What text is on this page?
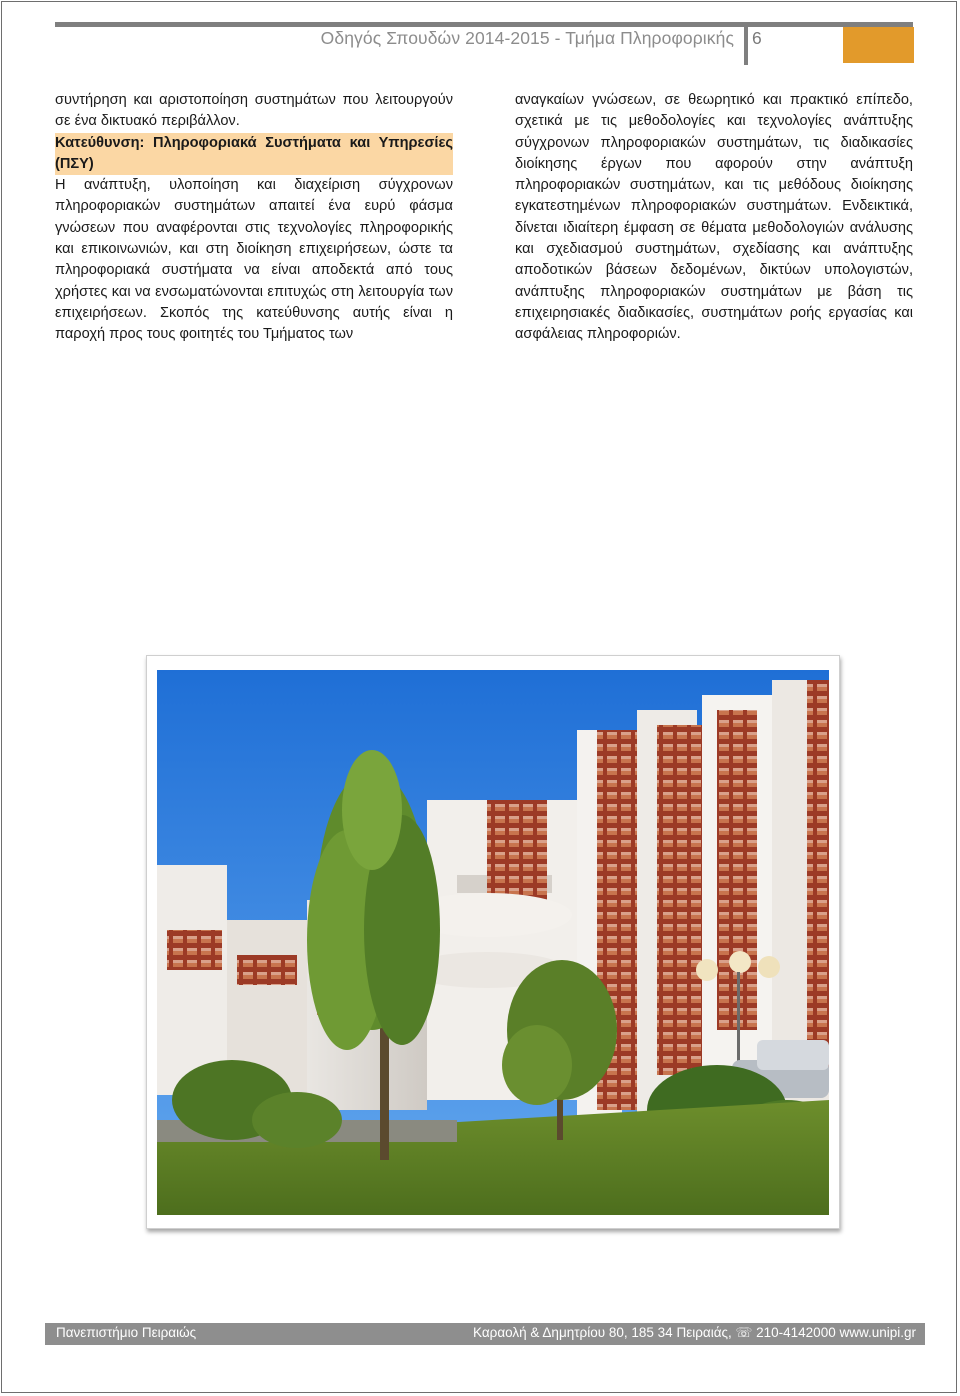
Οδηγός Σπουδών 2014-2015 - Τμήμα Πληροφορικής 6

συντήρηση και αριστοποίηση συστημάτων που λειτουργούν σε ένα δικτυακό περιβάλλον.

Κατεύθυνση: Πληροφοριακά Συστήματα και Υπηρεσίες (ΠΣΥ)

Η ανάπτυξη, υλοποίηση και διαχείριση σύγχρονων πληροφοριακών συστημάτων απαιτεί ένα ευρύ φάσμα γνώσεων που αναφέρονται στις τεχνολογίες πληροφορικής και επικοινωνιών, και στη διοίκηση επιχειρήσεων, ώστε τα πληροφοριακά συστήματα να είναι αποδεκτά από τους χρήστες και να ενσωματώνονται επιτυχώς στη λειτουργία των επιχειρήσεων. Σκοπός της κατεύθυνσης αυτής είναι η παροχή προς τους φοιτητές του Τμήματος των

αναγκαίων γνώσεων, σε θεωρητικό και πρακτικό επίπεδο, σχετικά με τις μεθοδολογίες και τεχνολογίες ανάπτυξης σύγχρονων πληροφοριακών συστημάτων, τις διαδικασίες διοίκησης έργων που αφορούν στην ανάπτυξη πληροφοριακών συστημάτων, και τις μεθόδους διοίκησης εγκατεστημένων πληροφοριακών συστημάτων. Ενδεικτικά, δίνεται ιδιαίτερη έμφαση σε θέματα μεθοδολογιών ανάλυσης και σχεδιασμού συστημάτων, σχεδίασης και ανάπτυξης αποδοτικών βάσεων δεδομένων, δικτύων υπολογιστών, ανάπτυξης πληροφοριακών συστημάτων με βάση τις επιχειρησιακές διαδικασίες, συστημάτων ροής εργασίας και ασφάλειας πληροφοριών.

Πανεπιστήμιο Πειραιώς	Καραολή & Δημητρίου 80, 185 34 Πειραιάς, ☏ 210-4142000 www.unipi.gr
